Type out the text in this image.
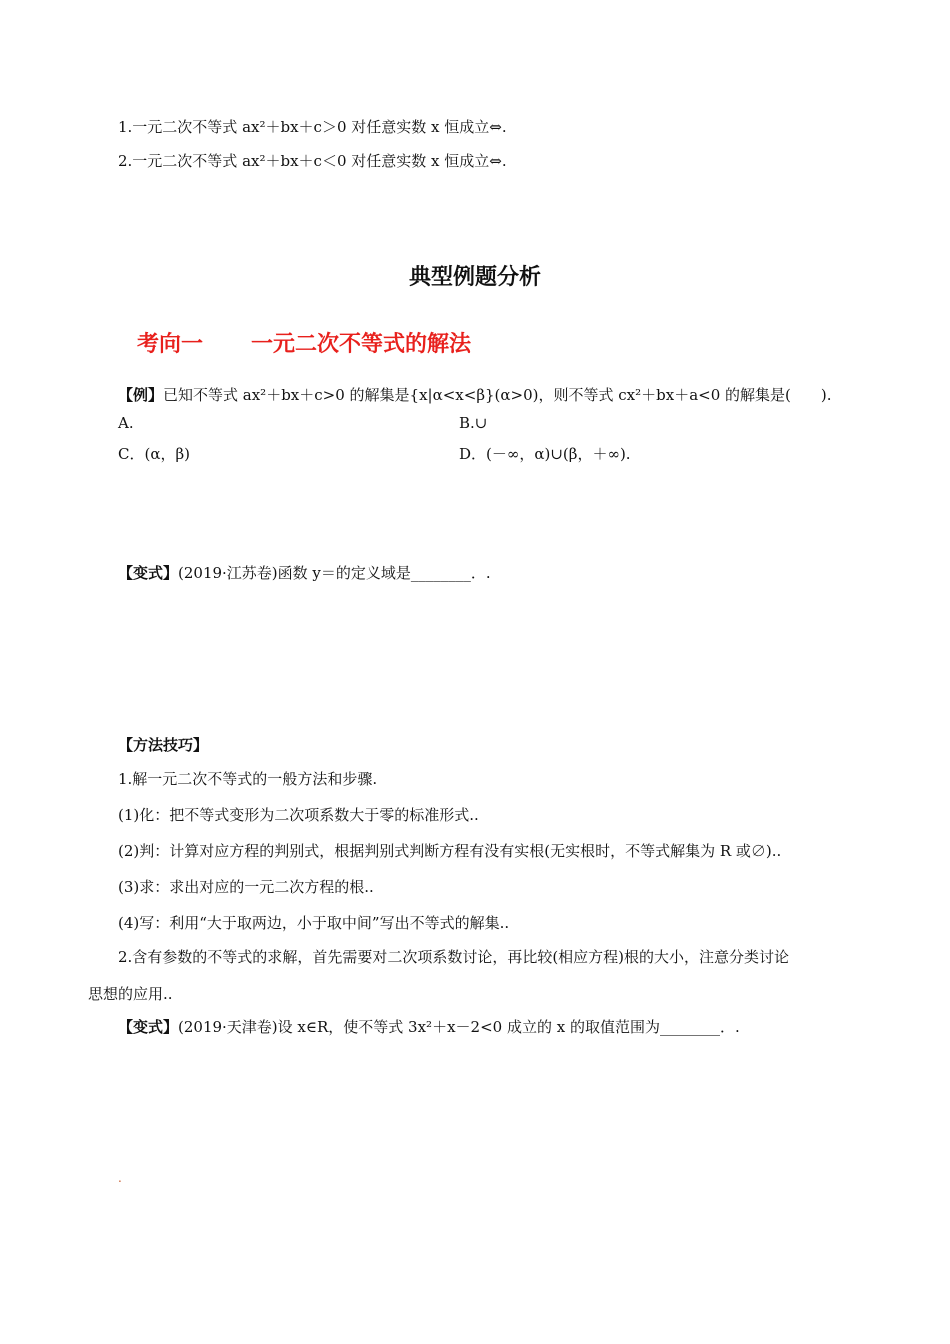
1.一元二次不等式 ax²＋bx＋c＞0 对任意实数 x 恒成立⇔.
2.一元二次不等式 ax²＋bx＋c＜0 对任意实数 x 恒成立⇔.
典型例题分析
考向一 一元二次不等式的解法
【例】已知不等式 ax²＋bx＋c>0 的解集是{x|α<x<β}(α>0)，则不等式 cx²＋bx＋a<0 的解集是(　　).
A.	B.∪
C．(α，β)	D．(－∞，α)∪(β，＋∞).
【变式】(2019·江苏卷)函数 y＝的定义域是________．.
【方法技巧】
1.解一元二次不等式的一般方法和步骤.
(1)化：把不等式变形为二次项系数大于零的标准形式..
(2)判：计算对应方程的判别式，根据判别式判断方程有没有实根(无实根时，不等式解集为 R 或∅)..
(3)求：求出对应的一元二次方程的根..
(4)写：利用“大于取两边，小于取中间”写出不等式的解集..
2.含有参数的不等式的求解，首先需要对二次项系数讨论，再比较(相应方程)根的大小，注意分类讨论
思想的应用..
【变式】(2019·天津卷)设 x∈R，使不等式 3x²＋x－2<0 成立的 x 的取值范围为________．.
.
